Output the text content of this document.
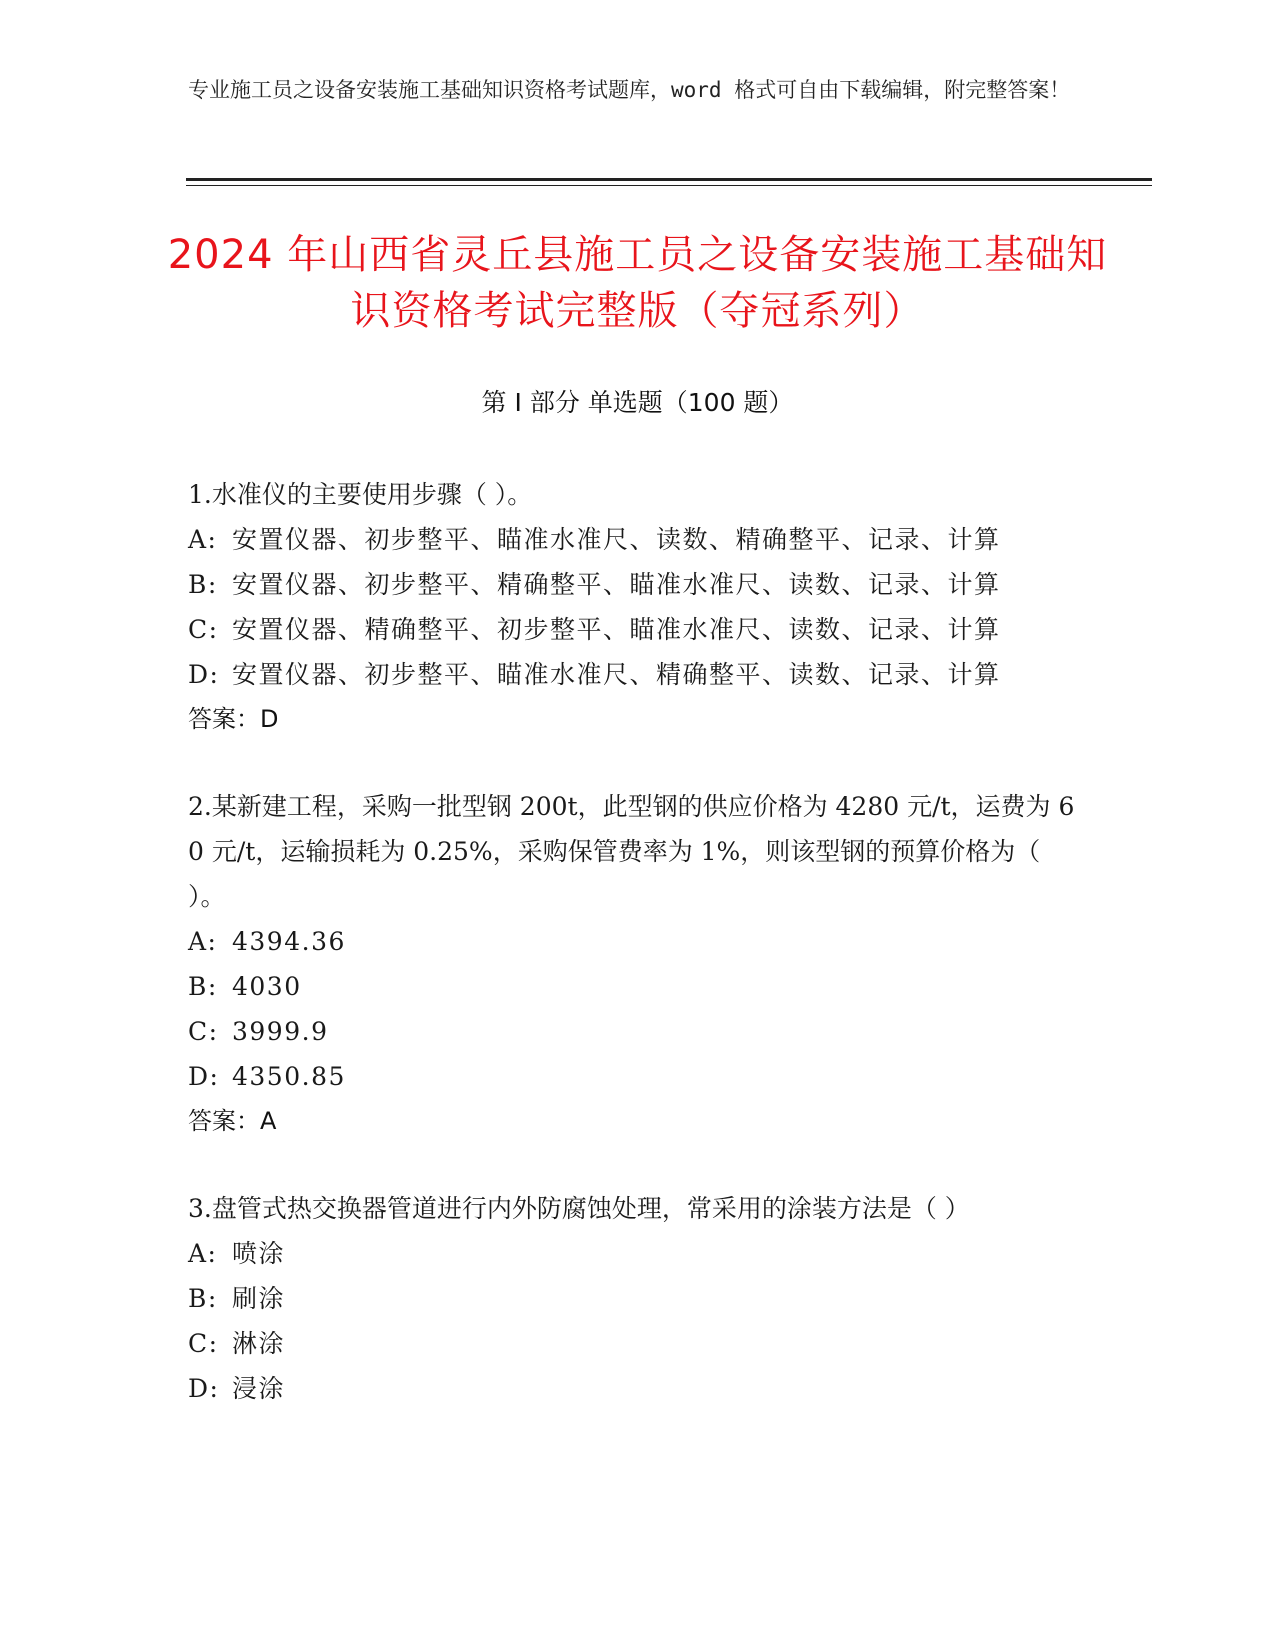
专业施工员之设备安装施工基础知识资格考试题库，word 格式可自由下载编辑，附完整答案！
2024 年山西省灵丘县施工员之设备安装施工基础知识资格考试完整版（夺冠系列）
第 I 部分 单选题（100 题）
1.水准仪的主要使用步骤（ ）。
A: 安置仪器、初步整平、瞄准水准尺、读数、精确整平、记录、计算
B: 安置仪器、初步整平、精确整平、瞄准水准尺、读数、记录、计算
C: 安置仪器、精确整平、初步整平、瞄准水准尺、读数、记录、计算
D: 安置仪器、初步整平、瞄准水准尺、精确整平、读数、记录、计算
答案：D
2.某新建工程，采购一批型钢 200t，此型钢的供应价格为 4280 元/t，运费为 60 元/t，运输损耗为 0.25%，采购保管费率为 1%，则该型钢的预算价格为（ ）。
A: 4394.36
B: 4030
C: 3999.9
D: 4350.85
答案：A
3.盘管式热交换器管道进行内外防腐蚀处理，常采用的涂装方法是（ ）
A: 喷涂
B: 刷涂
C: 淋涂
D: 浸涂
